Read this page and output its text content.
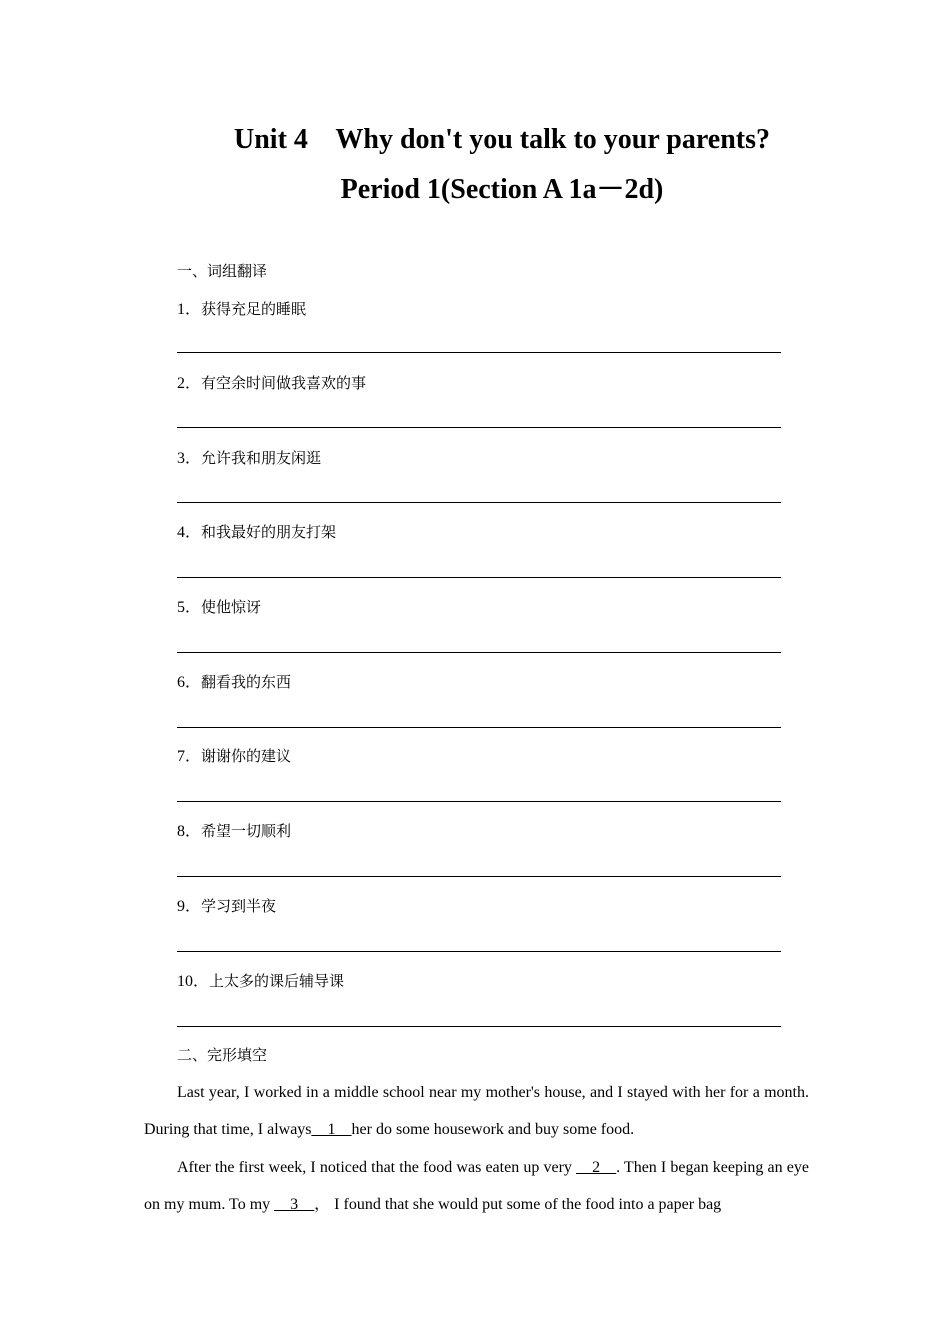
Unit 4    Why don't you talk to your parents?
Period 1(Section A 1a－2d)
一、词组翻译
1．获得充足的睡眠
2．有空余时间做我喜欢的事
3．允许我和朋友闲逛
4．和我最好的朋友打架
5．使他惊讶
6．翻看我的东西
7．谢谢你的建议
8．希望一切顺利
9．学习到半夜
10．上太多的课后辅导课
二、完形填空
Last year, I worked in a middle school near my mother's house, and I stayed with her for a month. During that time, I always__1__her do some housework and buy some food.
After the first week, I noticed that the food was eaten up very __2__. Then I began keeping an eye on my mum. To my __3__， I found that she would put some of the food into a paper bag
